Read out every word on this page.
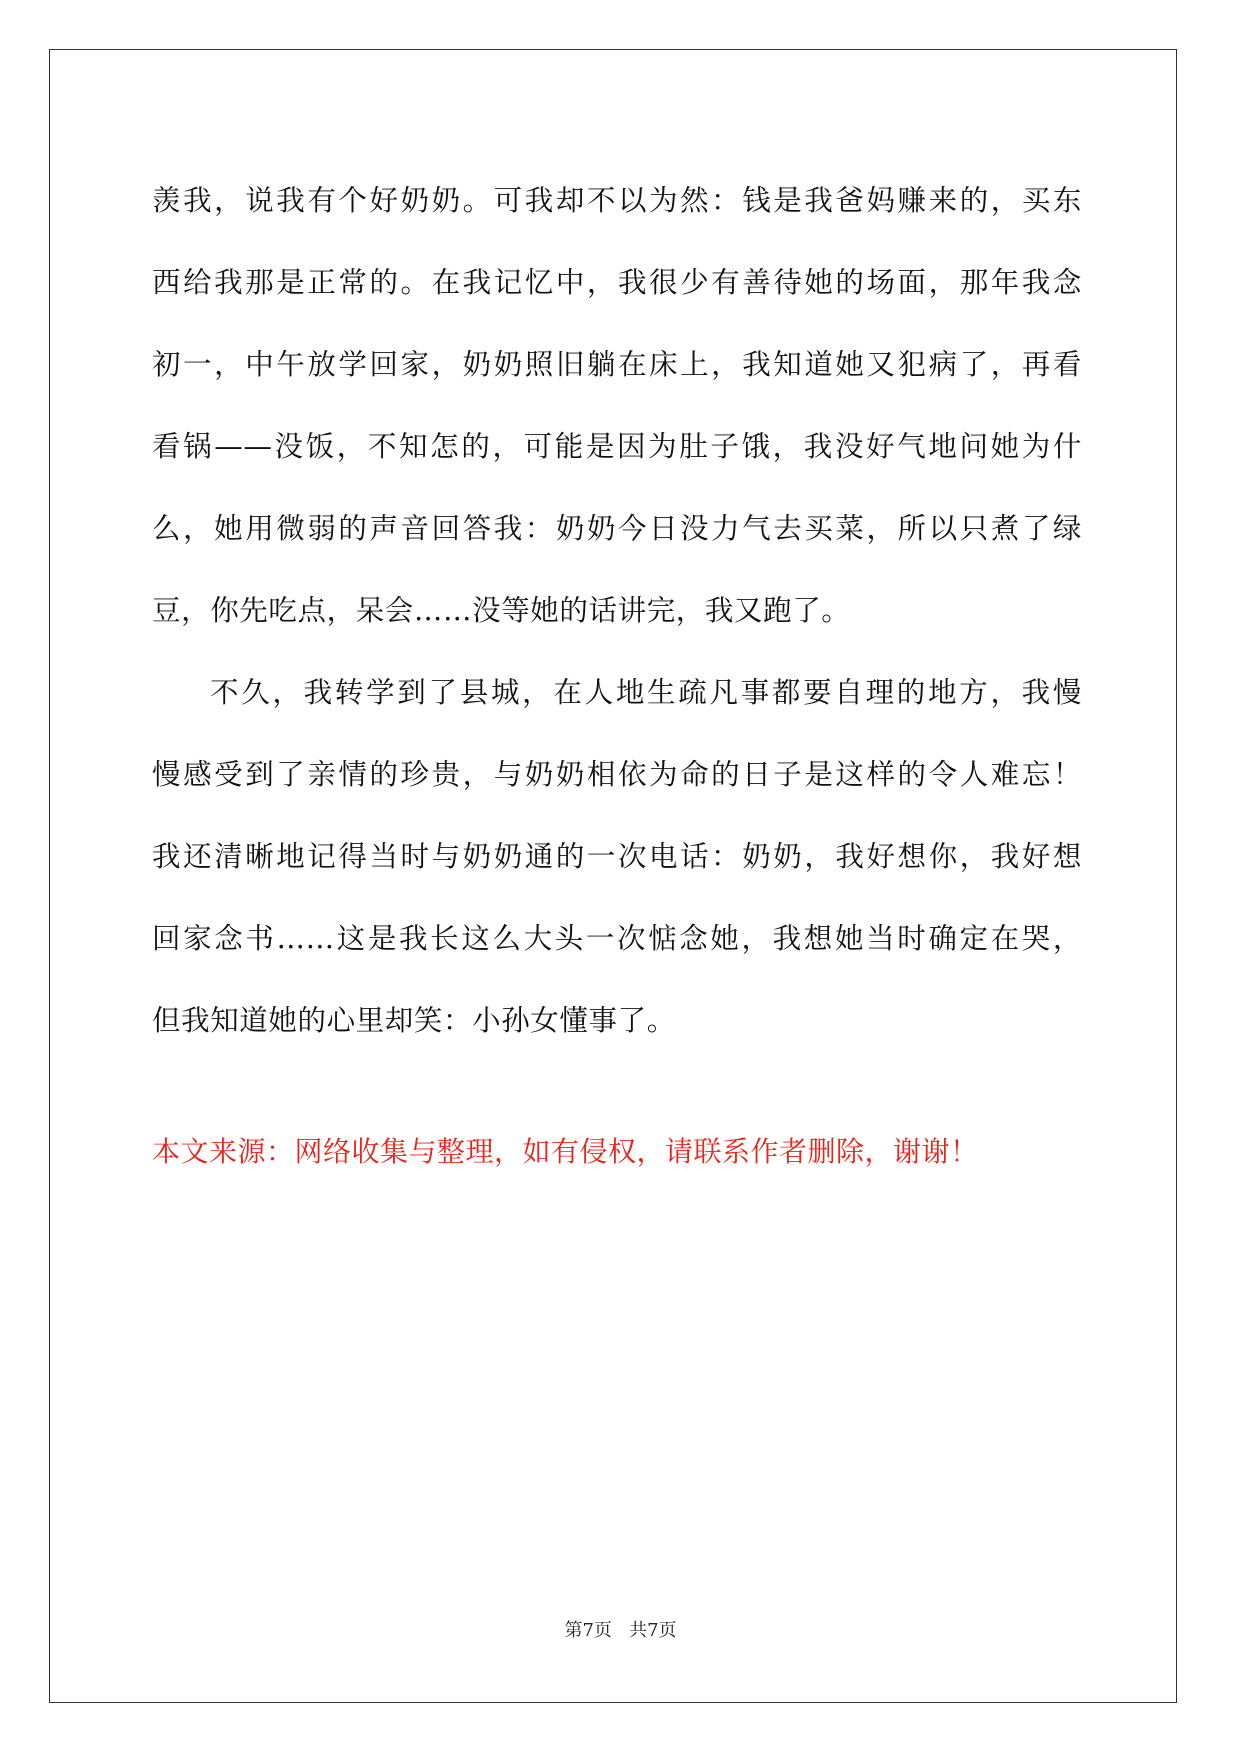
羡我，说我有个好奶奶。可我却不以为然：钱是我爸妈赚来的，买东
西给我那是正常的。在我记忆中，我很少有善待她的场面，那年我念
初一，中午放学回家，奶奶照旧躺在床上，我知道她又犯病了，再看
看锅——没饭，不知怎的，可能是因为肚子饿，我没好气地问她为什
么，她用微弱的声音回答我：奶奶今日没力气去买菜，所以只煮了绿
豆，你先吃点，呆会……没等她的话讲完，我又跑了。
不久，我转学到了县城，在人地生疏凡事都要自理的地方，我慢
慢感受到了亲情的珍贵，与奶奶相依为命的日子是这样的令人难忘！
我还清晰地记得当时与奶奶通的一次电话：奶奶，我好想你，我好想
回家念书……这是我长这么大头一次惦念她，我想她当时确定在哭，
但我知道她的心里却笑：小孙女懂事了。
本文来源：网络收集与整理，如有侵权，请联系作者删除，谢谢！
第7页   共7页
